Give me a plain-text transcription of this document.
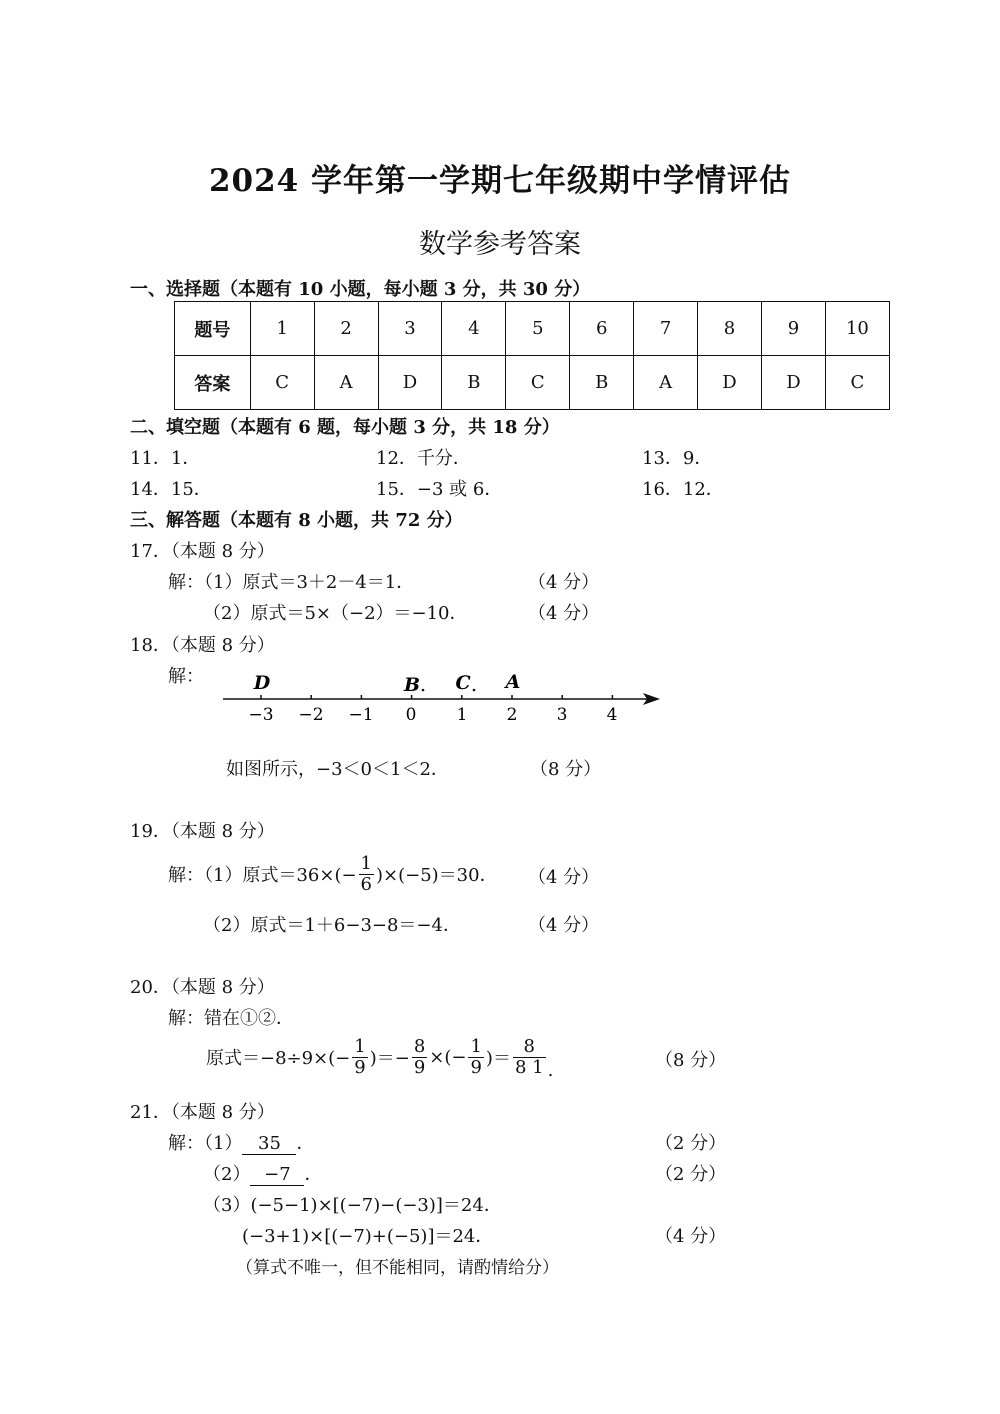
2024 学年第一学期七年级期中学情评估
数学参考答案
一、选择题（本题有 10 小题，每小题 3 分，共 30 分）
题号	1	2	3	4	5	6	7	8	9	10
答案	C	A	D	B	C	B	A	D	D	C
二、填空题（本题有 6 题，每小题 3 分，共 18 分）
11．1．	12．千分．	13．9．
14．15．	15．−3 或 6．	16．12．
三、解答题（本题有 8 小题，共 72 分）
17．（本题 8 分）
解：（1）原式＝3＋2－4＝1．	（4 分）
（2）原式＝5×（−2）＝−10．	（4 分）
18．（本题 8 分）
解：
−3 −2 −1 0 1 2 3 4
D	B C A
如图所示，−3＜0＜1＜2．	（8 分）
19．（本题 8 分）
解：（1）原式$=36\times(- \frac{1}{6} )\times(-5)=30$． （4 分）
（2）原式＝1＋6−3−8＝−4．	（4 分）
20．（本题 8 分）
解：错在①②．
原式$=-8\div 9\times(- \frac{1}{9}$ )＝− $\frac{8}{9}$ ×(− $\frac{1}{9}$ )＝ $\frac{8}{8 1}$ .	（8 分）
21．（本题 8 分）
解：（1） 35 ．	（2 分）
（2） −7 ．	（2 分）
（3）(−5−1)×[(−7)−(−3)]＝24．
(−3+1)×[(−7)+(−5)]＝24．	（4 分）
（算式不唯一，但不能相同，请酌情给分）
